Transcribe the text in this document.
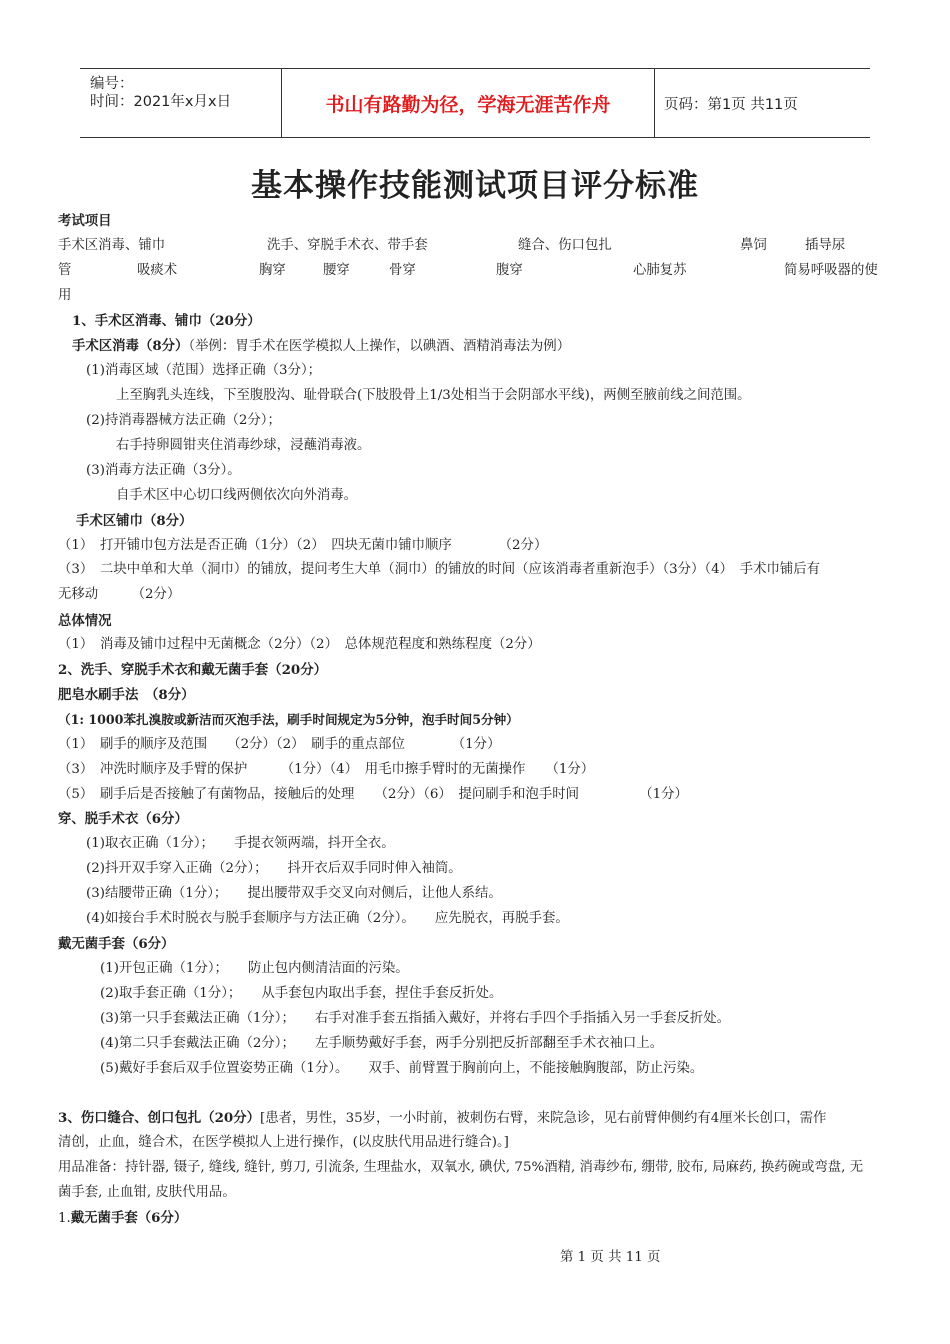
编号：
时间：2021年x月x日	书山有路勤为径，学海无涯苦作舟	页码：第1页 共11页
基本操作技能测试项目评分标准
考试项目
手术区消毒、铺巾	洗手、穿脱手术衣、带手套	缝合、伤口包扎	鼻饲	插导尿
管	吸痰术	胸穿	腰穿	骨穿	腹穿	心肺复苏	简易呼吸器的使
用
1、手术区消毒、铺巾（20分）
手术区消毒（8分）（举例：胃手术在医学模拟人上操作，以碘酒、酒精消毒法为例）
(1)消毒区域（范围）选择正确（3分）；
上至胸乳头连线，下至腹股沟、耻骨联合(下肢股骨上1/3处相当于会阴部水平线)，两侧至腋前线之间范围。
(2)持消毒器械方法正确（2分）；
右手持卵圆钳夹住消毒纱球，浸蘸消毒液。
(3)消毒方法正确（3分）。
自手术区中心切口线两侧依次向外消毒。
手术区铺巾（8分）
（1）　打开铺巾包方法是否正确（1分）（2）　四块无菌巾铺巾顺序　　　　（2分）
（3）　二块中单和大单（洞巾）的铺放，提问考生大单（洞巾）的铺放的时间（应该消毒者重新泡手）（3分）（4）　手术巾铺后有
无移动　　　（2分）
总体情况
（1）　消毒及铺巾过程中无菌概念（2分）（2）　总体规范程度和熟练程度（2分）
2、洗手、穿脱手术衣和戴无菌手套（20分）
肥皂水刷手法　（8分）
（1: 1000苯扎溴胺或新洁而灭泡手法，刷手时间规定为5分钟，泡手时间5分钟）
（1）　刷手的顺序及范围　　（2分）（2）　刷手的重点部位　　　　（1分）
（3）　冲洗时顺序及手臂的保护　　　（1分）（4）　用毛巾擦手臂时的无菌操作　　（1分）
（5）　刷手后是否接触了有菌物品，接触后的处理　　（2分）（6）　提问刷手和泡手时间　　　　　（1分）
穿、脱手术衣（6分）
(1)取衣正确（1分）；　　手提衣领两端，抖开全衣。
(2)抖开双手穿入正确（2分）；　　抖开衣后双手同时伸入袖筒。
(3)结腰带正确（1分）；　　提出腰带双手交叉向对侧后，让他人系结。
(4)如接台手术时脱衣与脱手套顺序与方法正确（2分）。　　应先脱衣，再脱手套。
戴无菌手套（6分）
(1)开包正确（1分）；　　防止包内侧清洁面的污染。
(2)取手套正确（1分）；　　从手套包内取出手套，捏住手套反折处。
(3)第一只手套戴法正确（1分）；　　右手对准手套五指插入戴好，并将右手四个手指插入另一手套反折处。
(4)第二只手套戴法正确（2分）；　　左手顺势戴好手套，两手分别把反折部翻至手术衣袖口上。
(5)戴好手套后双手位置姿势正确（1分）。　　双手、前臂置于胸前向上，不能接触胸腹部，防止污染。
3、伤口缝合、创口包扎（20分）[患者，男性，35岁，一小时前，被刺伤右臂，来院急诊，见右前臂伸侧约有4厘米长创口，需作
清创，止血，缝合术，在医学模拟人上进行操作，(以皮肤代用品进行缝合)。]
用品准备：持针器, 镊子, 缝线, 缝针, 剪刀, 引流条, 生理盐水，双氧水, 碘伏, 75%酒精, 消毒纱布, 绷带, 胶布, 局麻药, 换药碗或弯盘, 无
菌手套, 止血钳, 皮肤代用品。
1.戴无菌手套（6分）
第 1 页 共 11 页
